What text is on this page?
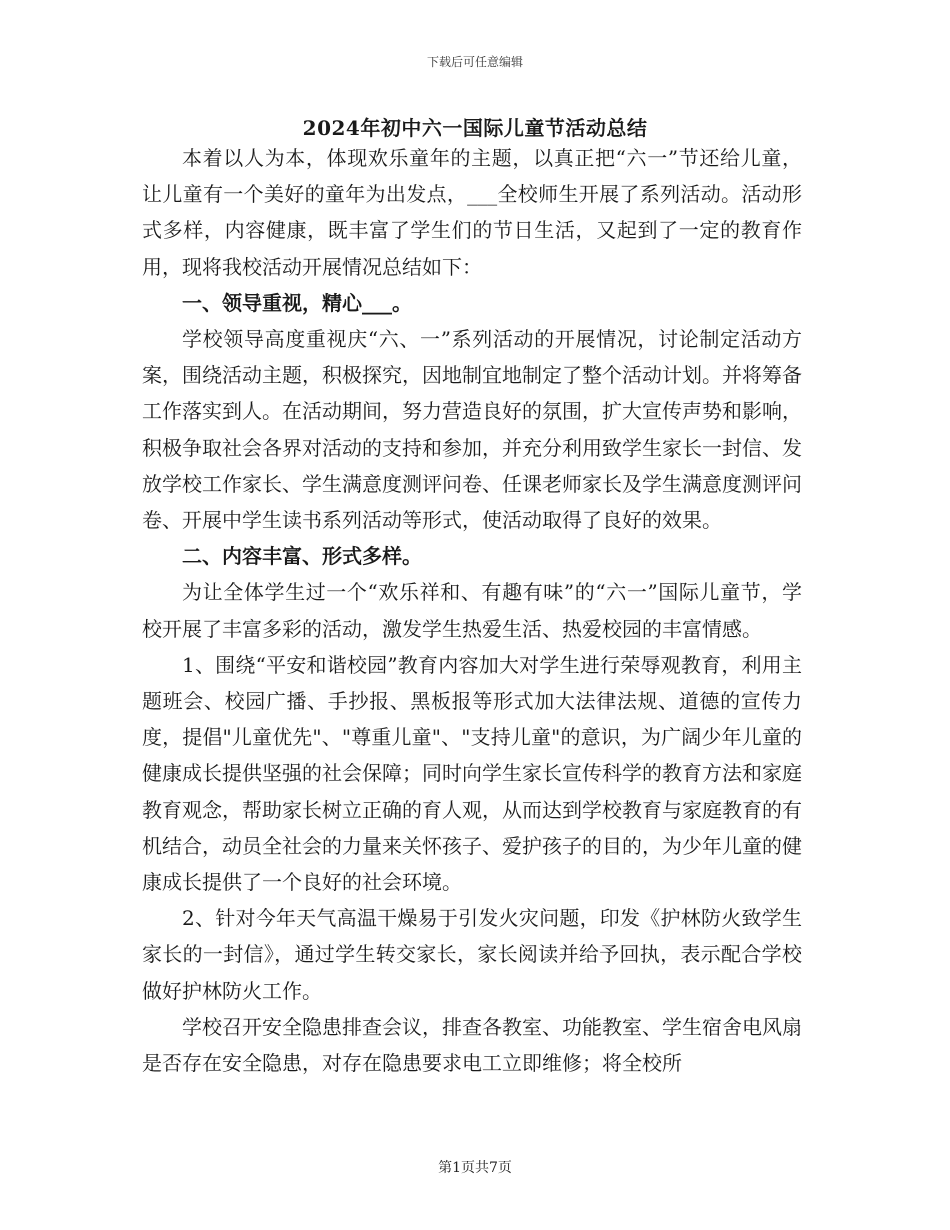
下载后可任意编辑
2024年初中六一国际儿童节活动总结

本着以人为本，体现欢乐童年的主题，以真正把“六一”节还给儿童，让儿童有一个美好的童年为出发点，___全校师生开展了系列活动。活动形式多样，内容健康，既丰富了学生们的节日生活，又起到了一定的教育作用，现将我校活动开展情况总结如下：

一、领导重视，精心___。

学校领导高度重视庆“六、一”系列活动的开展情况，讨论制定活动方案，围绕活动主题，积极探究，因地制宜地制定了整个活动计划。并将筹备工作落实到人。在活动期间，努力营造良好的氛围，扩大宣传声势和影响，积极争取社会各界对活动的支持和参加，并充分利用致学生家长一封信、发放学校工作家长、学生满意度测评问卷、任课老师家长及学生满意度测评问卷、开展中学生读书系列活动等形式，使活动取得了良好的效果。

二、内容丰富、形式多样。

为让全体学生过一个“欢乐祥和、有趣有味”的“六一”国际儿童节，学校开展了丰富多彩的活动，激发学生热爱生活、热爱校园的丰富情感。

1、围绕“平安和谐校园”教育内容加大对学生进行荣辱观教育，利用主题班会、校园广播、手抄报、黑板报等形式加大法律法规、道德的宣传力度，提倡"儿童优先"、"尊重儿童"、"支持儿童"的意识，为广阔少年儿童的健康成长提供坚强的社会保障；同时向学生家长宣传科学的教育方法和家庭教育观念，帮助家长树立正确的育人观，从而达到学校教育与家庭教育的有机结合，动员全社会的力量来关怀孩子、爱护孩子的目的，为少年儿童的健康成长提供了一个良好的社会环境。

2、针对今年天气高温干燥易于引发火灾问题，印发《护林防火致学生家长的一封信》，通过学生转交家长，家长阅读并给予回执，表示配合学校做好护林防火工作。

学校召开安全隐患排查会议，排查各教室、功能教室、学生宿舍电风扇是否存在安全隐患，对存在隐患要求电工立即维修；将全校所

第1页共7页
